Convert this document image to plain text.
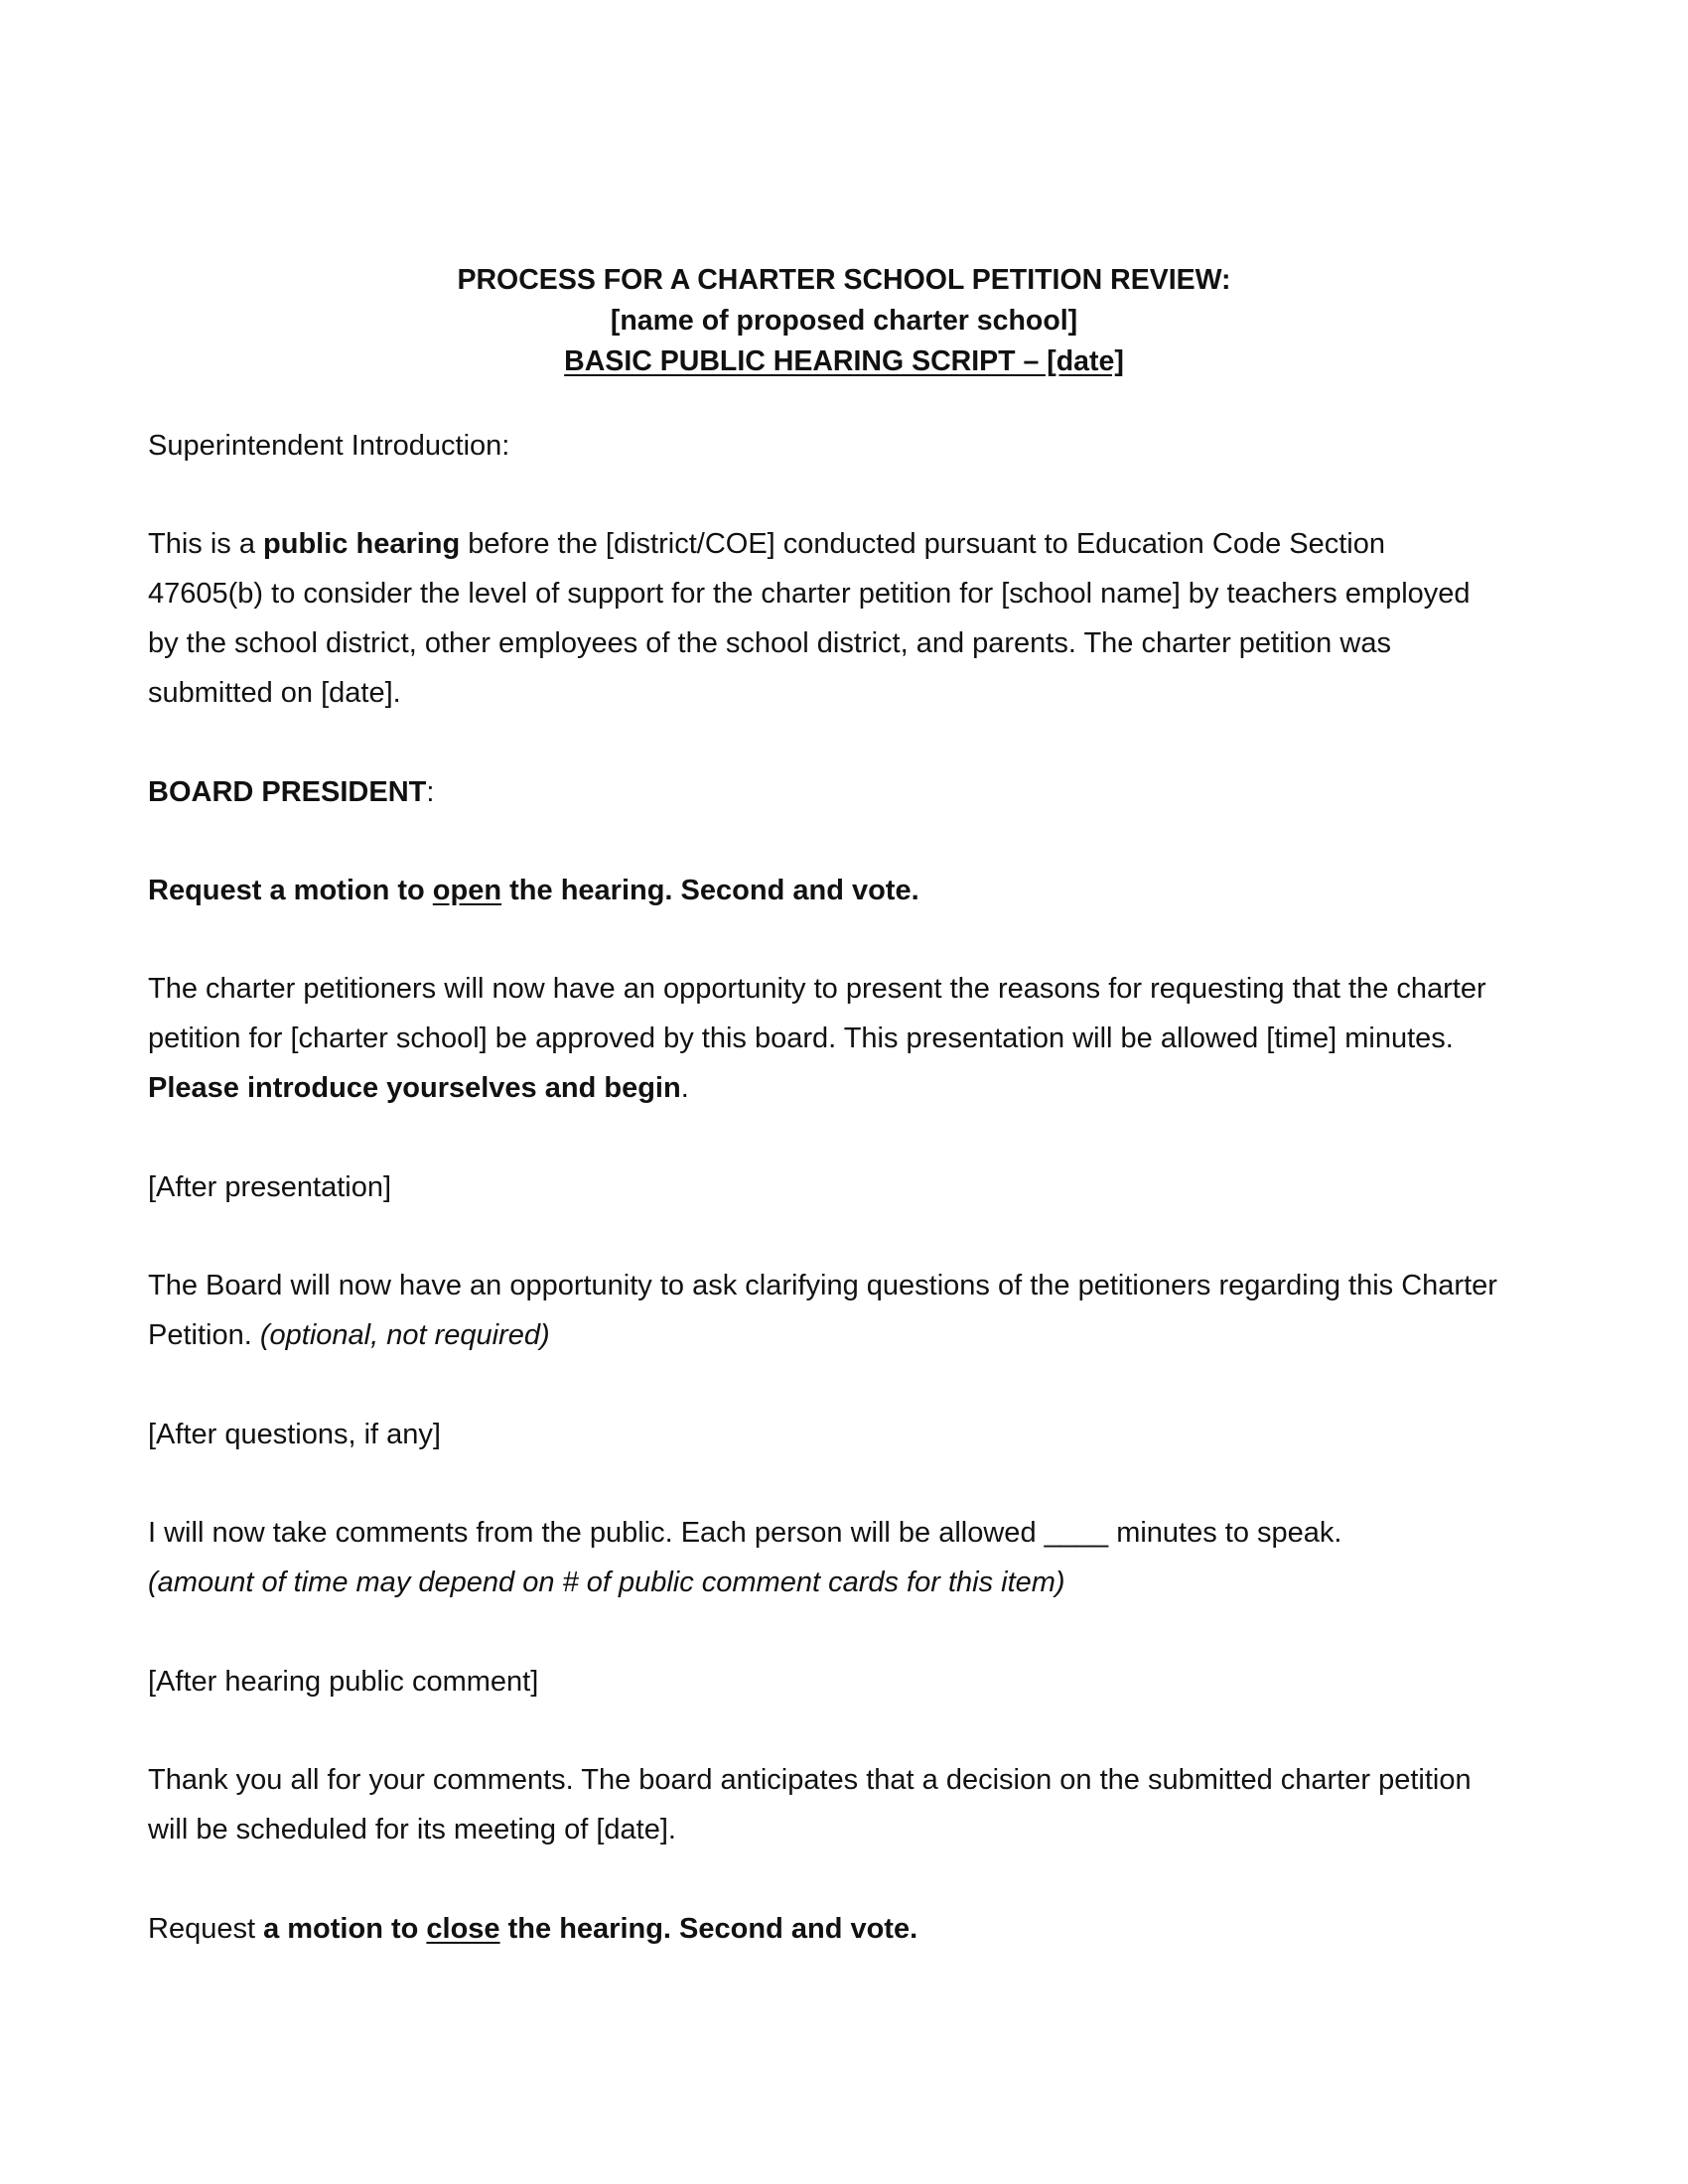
PROCESS FOR A CHARTER SCHOOL PETITION REVIEW:
[name of proposed charter school]
BASIC PUBLIC HEARING SCRIPT – [date]

Superintendent Introduction:

This is a public hearing before the [district/COE] conducted pursuant to Education Code Section 47605(b) to consider the level of support for the charter petition for [school name] by teachers employed by the school district, other employees of the school district, and parents. The charter petition was submitted on [date].

BOARD PRESIDENT:

Request a motion to open the hearing. Second and vote.

The charter petitioners will now have an opportunity to present the reasons for requesting that the charter petition for [charter school] be approved by this board. This presentation will be allowed [time] minutes. Please introduce yourselves and begin.

[After presentation]

The Board will now have an opportunity to ask clarifying questions of the petitioners regarding this Charter Petition. (optional, not required)

[After questions, if any]

I will now take comments from the public. Each person will be allowed ____ minutes to speak.
(amount of time may depend on # of public comment cards for this item)

[After hearing public comment]

Thank you all for your comments. The board anticipates that a decision on the submitted charter petition will be scheduled for its meeting of [date].

Request a motion to close the hearing. Second and vote.
